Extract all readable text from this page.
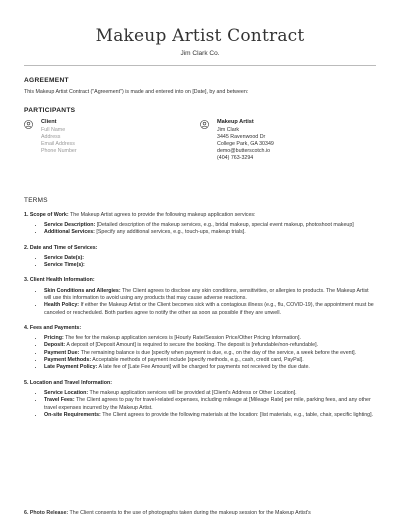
Makeup Artist Contract
Jim Clark Co.
AGREEMENT
This Makeup Artist Contract ("Agreement") is made and entered into on [Date], by and between:
PARTICIPANTS
Client
Full Name
Address
Email Address
Phone Number
Makeup Artist
Jim Clark
3445 Ravenwood Dr
College Park, GA 30349
demo@butterscotch.io
(404) 763-3294
TERMS
1. Scope of Work: The Makeup Artist agrees to provide the following makeup application services:
• Service Description: [Detailed description of the makeup services, e.g., bridal makeup, special event makeup, photoshoot makeup]
• Additional Services: [Specify any additional services, e.g., touch-ups, makeup trials].
2. Date and Time of Services:
• Service Date(s):
• Service Time(s):
3. Client Health Information:
• Skin Conditions and Allergies: The Client agrees to disclose any skin conditions, sensitivities, or allergies to products. The Makeup Artist will use this information to avoid using any products that may cause adverse reactions.
• Health Policy: If either the Makeup Artist or the Client becomes sick with a contagious illness (e.g., flu, COVID-19), the appointment must be canceled or rescheduled. Both parties agree to notify the other as soon as possible if they are unwell.
4. Fees and Payments:
• Pricing: The fee for the makeup application services is [Hourly Rate/Session Price/Other Pricing Information].
• Deposit: A deposit of [Deposit Amount] is required to secure the booking. The deposit is [refundable/non-refundable].
• Payment Due: The remaining balance is due [specify when payment is due, e.g., on the day of the service, a week before the event].
• Payment Methods: Acceptable methods of payment include [specify methods, e.g., cash, credit card, PayPal].
• Late Payment Policy: A late fee of [Late Fee Amount] will be charged for payments not received by the due date.
5. Location and Travel Information:
• Service Location: The makeup application services will be provided at [Client's Address or Other Location].
• Travel Fees: The Client agrees to pay for travel-related expenses, including mileage at [Mileage Rate] per mile, parking fees, and any other travel expenses incurred by the Makeup Artist.
• On-site Requirements: The Client agrees to provide the following materials at the location: [list materials, e.g., table, chair, specific lighting].
6. Photo Release: The Client consents to the use of photographs taken during the makeup session for the Makeup Artist's
